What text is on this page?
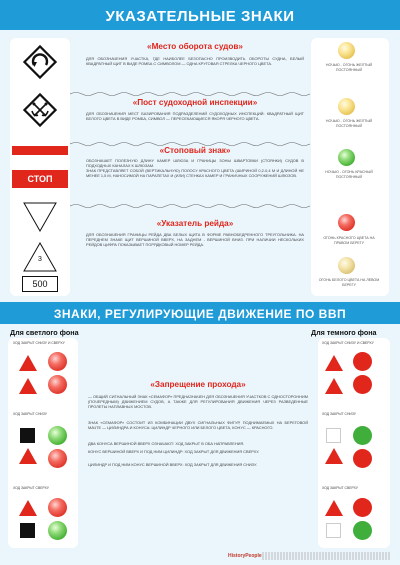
УКАЗАТЕЛЬНЫЕ ЗНАКИ
«Место оборота судов»
ДЛЯ ОБОЗНАЧЕНИЯ УЧАСТКА, ГДЕ НАИБОЛЕЕ БЕЗОПАСНО ПРОИЗВОДИТЬ ОБОРОТЫ СУДНА, БЕЛЫЙ КВАДРАТНЫЙ ЩИТ В ВИДЕ РОМБА С СИМВОЛОМ — ОДНА КРУГОВАЯ СТРЕЛКА ЧЕРНОГО ЦВЕТА.	НОЧЬЮ - ОГОНЬ ЖЕЛТЫЙ ПОСТОЯННЫЙ
«Пост судоходной инспекции»
ДЛЯ ОБОЗНАЧЕНИЯ МЕСТ БАЗИРОВАНИЯ ПОДРАЗДЕЛЕНИЙ СУДОХОДНЫХ ИНСПЕКЦИЙ: КВАДРАТНЫЙ ЩИТ БЕЛОГО ЦВЕТА В ВИДЕ РОМБА, СИМВОЛ — ПЕРЕСЕКАЮЩИЕСЯ ЯКОРЯ ЧЕРНОГО ЦВЕТА.	НОЧЬЮ - ОГОНЬ ЖЕЛТЫЙ ПОСТОЯННЫЙ
СТОП
«Стоповый знак»
ОБОЗНАЧАЕТ ПОЛЕЗНУЮ ДЛИНУ КАМЕР ШЛЮЗА И ГРАНИЦЫ ЗОНЫ ШВАРТОВКИ (СТОЯНКИ) СУДОВ В ПОДХОДНЫХ КАНАЛАХ К ШЛЮЗАМ.
ЗНАК ПРЕДСТАВЛЯЕТ СОБОЙ (ВЕРТИКАЛЬНУЮ) ПОЛОСУ КРАСНОГО ЦВЕТА (ШИРИНОЙ 0,2-0,4 М И ДЛИНОЙ НЕ МЕНЕЕ 1,5 М, НАНОСИМОЙ НА ПАРАПЕТАХ И (ИЛИ) СТЕНКАХ КАМЕР И ГРАНИЧНЫХ СООРУЖЕНИЙ ШЛЮЗОВ.
НОЧЬЮ - ОГОНЬ КРАСНЫЙ ПОСТОЯННЫЙ
3
500
«Указатель рейда»
ДЛЯ ОБОЗНАЧЕНИЯ ГРАНИЦЫ РЕЙДА ДВА БЕЛЫХ ЩИТА В ФОРМЕ РАВНОБЕДРЕННОГО ТРЕУГОЛЬНИКА. НА ПЕРЕДНЕМ ЗНАКЕ ЩИТ ВЕРШИНОЙ ВВЕРХ, НА ЗАДНЕМ - ВЕРШИНОЙ ВНИЗ. ПРИ НАЛИЧИИ НЕСКОЛЬКИХ РЕЙДОВ ЦИФРА ПОКАЗЫВАЕТ ПОРЯДКОВЫЙ НОМЕР РЕЙДА.
ОГОНЬ КРАСНОГО ЦВЕТА НА ПРАВОМ БЕРЕГУ
ОГОНЬ БЕЛОГО ЦВЕТА НА ЛЕВОМ БЕРЕГУ
ЗНАКИ, РЕГУЛИРУЮЩИЕ ДВИЖЕНИЕ ПО ВВП
Для светлого фона	Для темного фона
ХОД ЗАКРЫТ СНИЗУ И СВЕРХУ
ХОД ЗАКРЫТ СНИЗУ
ХОД ЗАКРЫТ СВЕРХУ
«Запрещение прохода»
— ОБЩИЙ СИГНАЛЬНЫЙ ЗНАК «СЕМАФОР» ПРЕДНАЗНАЧЕН ДЛЯ ОБОЗНАЧЕНИЯ УЧАСТКОВ С ОДНОСТОРОННИМ (ПОЧЕРЕДНЫМ) ДВИЖЕНИЕМ СУДОВ, А ТАКЖЕ ДЛЯ РЕГУЛИРОВАНИЯ ДВИЖЕНИЯ ЧЕРЕЗ РАЗВЕДЕННЫЕ ПРОЛЕТЫ НАПЛАВНЫХ МОСТОВ.
ЗНАК «СЕМАФОР» СОСТОИТ ИЗ КОМБИНАЦИИ ДВУХ СИГНАЛЬНЫХ ФИГУР, ПОДНИМАЕМЫХ НА БЕРЕГОВОЙ МАЧТЕ — ЦИЛИНДРА И КОНУСА: ЦИЛИНДР ЧЕРНОГО ИЛИ БЕЛОГО ЦВЕТА, КОНУС — КРАСНОГО.
ДВА КОНУСА ВЕРШИНОЙ ВВЕРХ ОЗНАЧАЮТ: ХОД ЗАКРЫТ В ОБА НАПРАВЛЕНИЯ.
КОНУС ВЕРШИНОЙ ВВЕРХ И ПОД НИМ ЦИЛИНДР: ХОД ЗАКРЫТ ДЛЯ ДВИЖЕНИЯ СВЕРХУ.
ЦИЛИНДР И ПОД НИМ КОНУС ВЕРШИНОЙ ВВЕРХ: ХОД ЗАКРЫТ ДЛЯ ДВИЖЕНИЯ СНИЗУ.
ХОД ЗАКРЫТ СНИЗУ И СВЕРХУ
ХОД ЗАКРЫТ СНИЗУ
ХОД ЗАКРЫТ СВЕРХУ
HistoryPeople
